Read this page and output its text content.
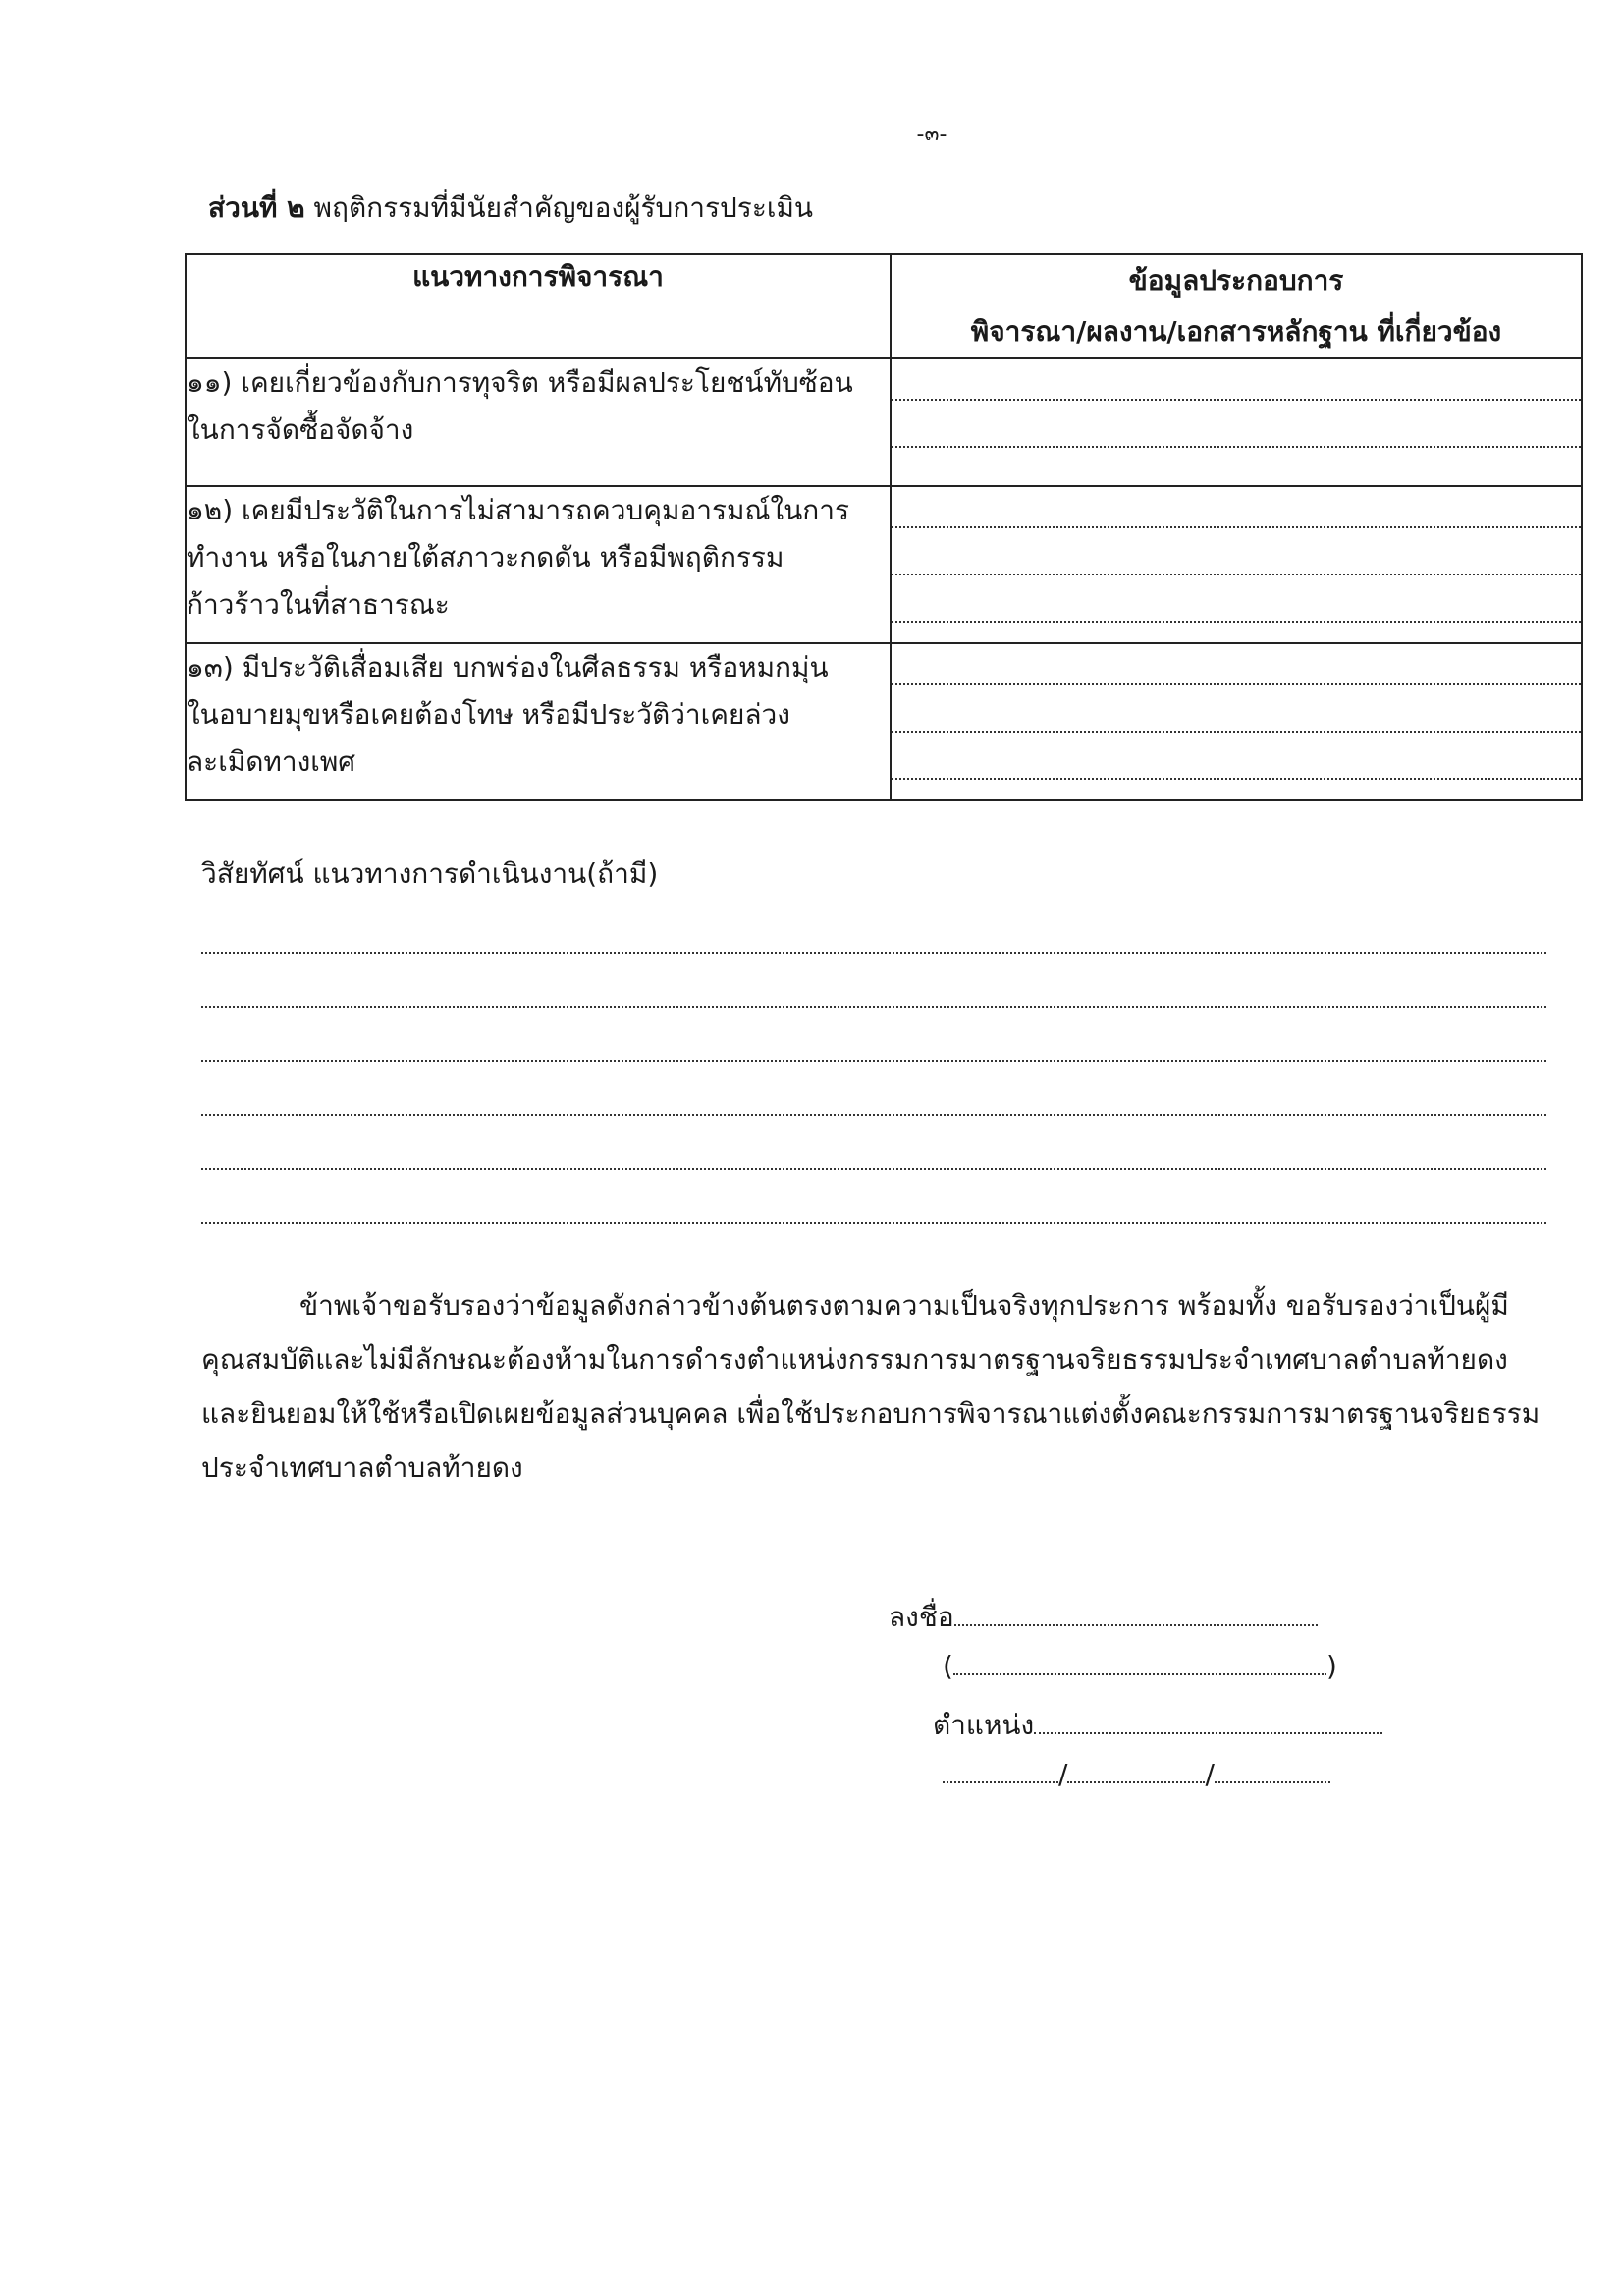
-๓-
ส่วนที่ ๒ พฤติกรรมที่มีนัยสำคัญของผู้รับการประเมิน
แนวทางการพิจารณา	ข้อมูลประกอบการ
พิจารณา/ผลงาน/เอกสารหลักฐาน ที่เกี่ยวข้อง

๑๑) เคยเกี่ยวข้องกับการทุจริต หรือมีผลประโยชน์ทับซ้อน
ในการจัดซื้อจัดจ้าง	

๑๒) เคยมีประวัติในการไม่สามารถควบคุมอารมณ์ในการ
ทำงาน หรือในภายใต้สภาวะกดดัน หรือมีพฤติกรรม
ก้าวร้าวในที่สาธารณะ	

๑๓) มีประวัติเสื่อมเสีย บกพร่องในศีลธรรม หรือหมกมุ่น
ในอบายมุขหรือเคยต้องโทษ หรือมีประวัติว่าเคยล่วง
ละเมิดทางเพศ	

วิสัยทัศน์ แนวทางการดำเนินงาน(ถ้ามี)
ข้าพเจ้าขอรับรองว่าข้อมูลดังกล่าวข้างต้นตรงตามความเป็นจริงทุกประการ พร้อมทั้ง ขอรับรองว่าเป็นผู้มี
คุณสมบัติและไม่มีลักษณะต้องห้ามในการดำรงตำแหน่งกรรมการมาตรฐานจริยธรรมประจำเทศบาลตำบลท้ายดง
และยินยอมให้ใช้หรือเปิดเผยข้อมูลส่วนบุคคล เพื่อใช้ประกอบการพิจารณาแต่งตั้งคณะกรรมการมาตรฐานจริยธรรม
ประจำเทศบาลตำบลท้ายดง
ลงชื่อ
(	)
ตำแหน่ง
/	/
